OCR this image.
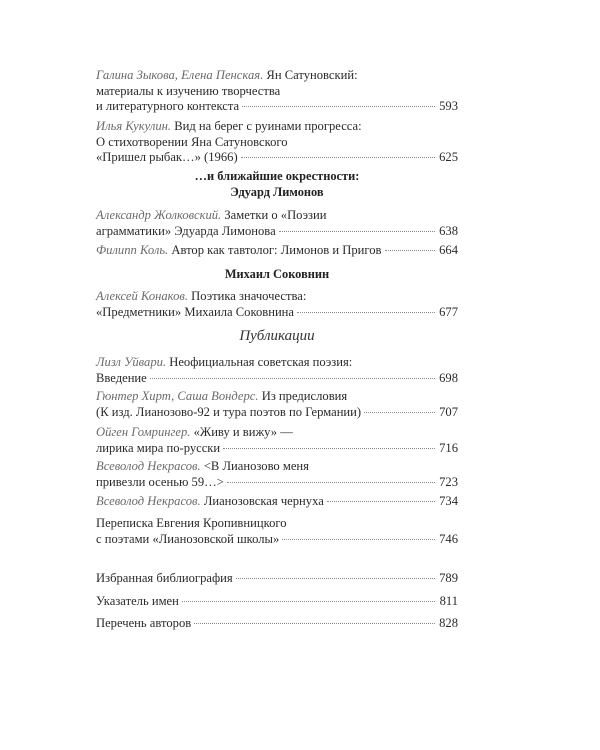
Галина Зыкова, Елена Пенская. Ян Сатуновский:
материалы к изучению творчества
и литературного контекста	593
Илья Кукулин. Вид на берег с руинами прогресса:
О стихотворении Яна Сатуновского
«Пришел рыбак…» (1966)	625
…и ближайшие окрестности:
Эдуард Лимонов
Александр Жолковский. Заметки о «Поэзии
аграмматики» Эдуарда Лимонова	638
Филипп Коль. Автор как тавтолог: Лимонов и Пригов	664
Михаил Соковнин
Алексей Конаков. Поэтика значочества:
«Предметники» Михаила Соковнина	677
Публикации
Лизл Уйвари. Неофициальная советская поэзия:
Введение	698
Гюнтер Хирт, Саша Вондерс. Из предисловия
(К изд. Лианозово-92 и тура поэтов по Германии)	707
Ойген Гомрингер. «Живу и вижу» —
лирика мира по-русски	716
Всеволод Некрасов. <В Лианозово меня
привезли осенью 59…>	723
Всеволод Некрасов. Лианозовская чернуха	734
Переписка Евгения Кропивницкого
с поэтами «Лианозовской школы»	746
Избранная библиография	789
Указатель имен	811
Перечень авторов	828
